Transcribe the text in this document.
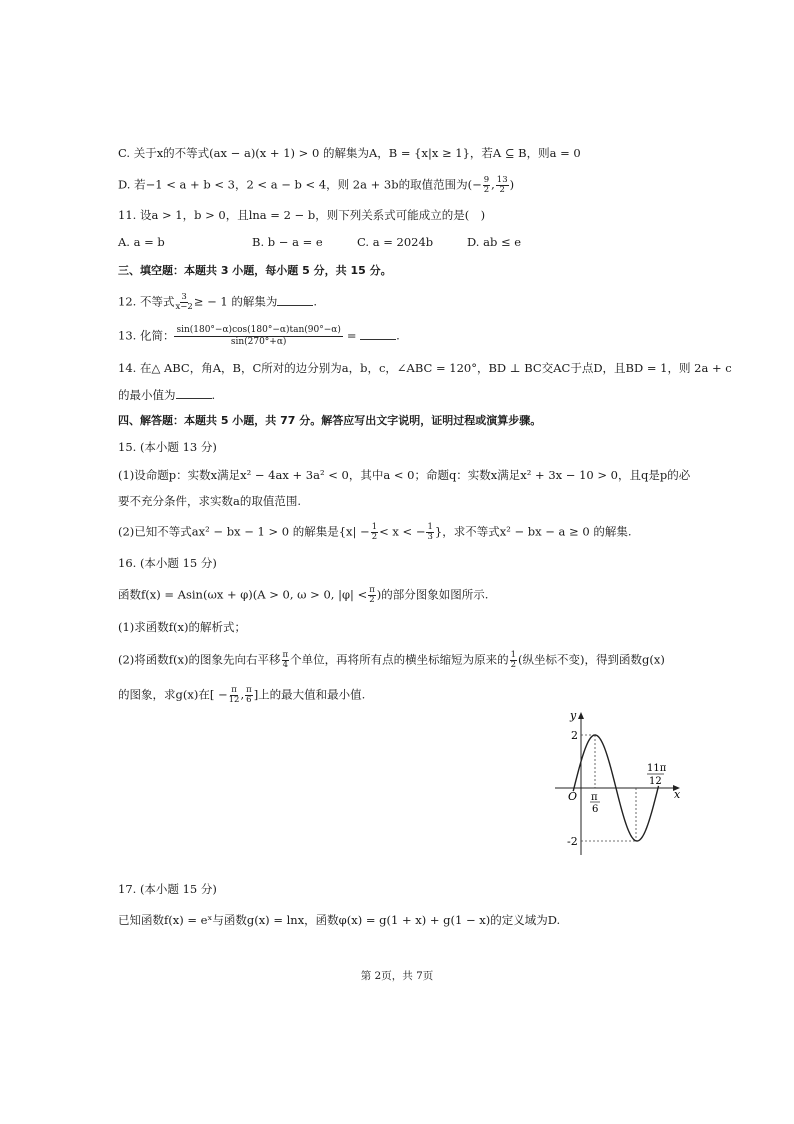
C. 关于x的不等式(ax − a)(x + 1) > 0 的解集为A，B = {x|x ≥ 1}，若A ⊆ B，则a = 0
D. 若−1 < a + b < 3，2 < a − b < 4，则 2a + 3b的取值范围为(− $\frac{9}{2}$ , $\frac{13}{2}$ )
11. 设a > 1，b > 0，且lna = 2 − b，则下列关系式可能成立的是(　)
A. a = b	B. b − a = e	C. a = 2024b	D. ab ≤ e
三、填空题：本题共 3 小题，每小题 5 分，共 15 分。
12. 不等式 $\frac{3}{x-2}$ ≥ − 1 的解集为	.
13. 化简： $\frac{\sin(180^\circ-\alpha)\cos(180^\circ-\alpha)\tan(90^\circ-\alpha)}{\sin(270^\circ+\alpha)}$ =	.
14. 在△ ABC，角A，B，C所对的边分别为a，b，c，∠ABC = 120°，BD ⊥ BC交AC于点D，且BD = 1，则 2a + c
的最小值为	.
四、解答题：本题共 5 小题，共 77 分。解答应写出文字说明，证明过程或演算步骤。
15. (本小题 13 分)
(1)设命题p：实数x满足x² − 4ax + 3a² < 0，其中a < 0；命题q：实数x满足x² + 3x − 10 > 0，且q是p的必
要不充分条件，求实数a的取值范围.
(2)已知不等式ax² − bx − 1 > 0 的解集是{$x| - \frac{1}{2} < x$ < − $\frac{1}{3}$ }，求不等式x² − bx − a ≥ 0 的解集.
16. (本小题 15 分)
函数f(x) = Asin(ωx + φ)(A > 0, ω > 0, $|\varphi| < \frac{\pi}{2}$ )的部分图象如图所示.
(1)求函数f(x)的解析式；
(2)将函数f(x)的图象先向右平移 $\frac{\pi}{4}$ 个单位，再将所有点的横坐标缩短为原来的 $\frac{1}{2}$ (纵坐标不变)，得到函数g(x)
的图象，求g(x)在[ − $\frac{\pi}{12}$ , $\frac{\pi}{6}$ ]上的最大值和最小值.
y
x
O
2
-2
π
6
11π
12
17. (本小题 15 分)
已知函数f(x) = eˣ与函数g(x) = lnx，函数φ(x) = g(1 + x) + g(1 − x)的定义域为D.
第 2页，共 7页
